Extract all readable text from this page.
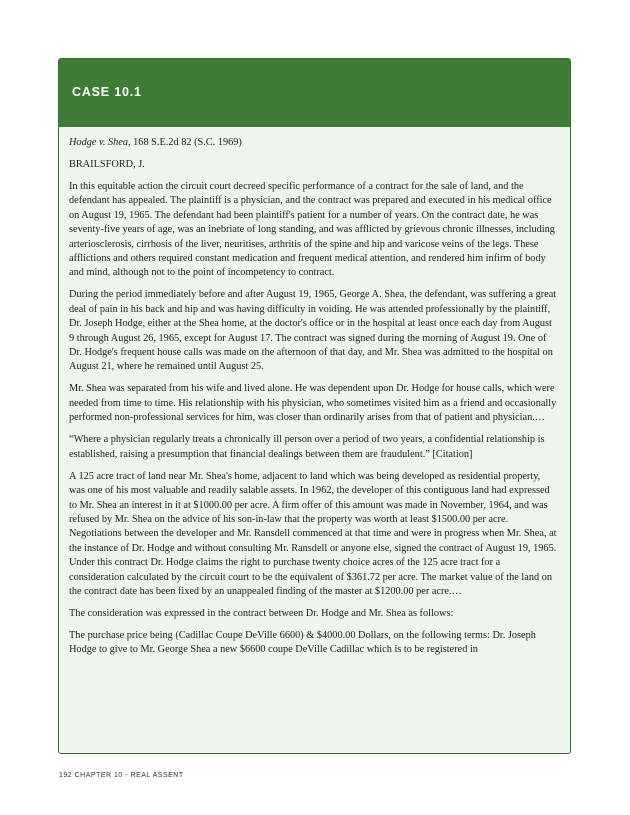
CASE 10.1

Hodge v. Shea, 168 S.E.2d 82 (S.C. 1969)

BRAILSFORD, J.

In this equitable action the circuit court decreed specific performance of a contract for the sale of land, and the defendant has appealed. The plaintiff is a physician, and the contract was prepared and executed in his medical office on August 19, 1965. The defendant had been plaintiff's patient for a number of years. On the contract date, he was seventy-five years of age, was an inebriate of long standing, and was afflicted by grievous chronic illnesses, including arteriosclerosis, cirrhosis of the liver, neuritises, arthritis of the spine and hip and varicose veins of the legs. These afflictions and others required constant medication and frequent medical attention, and rendered him infirm of body and mind, although not to the point of incompetency to contract.

During the period immediately before and after August 19, 1965, George A. Shea, the defendant, was suffering a great deal of pain in his back and hip and was having difficulty in voiding. He was attended professionally by the plaintiff, Dr. Joseph Hodge, either at the Shea home, at the doctor's office or in the hospital at least once each day from August 9 through August 26, 1965, except for August 17. The contract was signed during the morning of August 19. One of Dr. Hodge's frequent house calls was made on the afternoon of that day, and Mr. Shea was admitted to the hospital on August 21, where he remained until August 25.

Mr. Shea was separated from his wife and lived alone. He was dependent upon Dr. Hodge for house calls, which were needed from time to time. His relationship with his physician, who sometimes visited him as a friend and occasionally performed non-professional services for him, was closer than ordinarily arises from that of patient and physician.…

“Where a physician regularly treats a chronically ill person over a period of two years, a confidential relationship is established, raising a presumption that financial dealings between them are fraudulent.” [Citation]

A 125 acre tract of land near Mr. Shea's home, adjacent to land which was being developed as residential property, was one of his most valuable and readily salable assets. In 1962, the developer of this contiguous land had expressed to Mr. Shea an interest in it at $1000.00 per acre. A firm offer of this amount was made in November, 1964, and was refused by Mr. Shea on the advice of his son-in-law that the property was worth at least $1500.00 per acre. Negotiations between the developer and Mr. Ransdell commenced at that time and were in progress when Mr. Shea, at the instance of Dr. Hodge and without consulting Mr. Ransdell or anyone else, signed the contract of August 19, 1965. Under this contract Dr. Hodge claims the right to purchase twenty choice acres of the 125 acre tract for a consideration calculated by the circuit court to be the equivalent of $361.72 per acre. The market value of the land on the contract date has been fixed by an unappealed finding of the master at $1200.00 per acre.…

The consideration was expressed in the contract between Dr. Hodge and Mr. Shea as follows:

The purchase price being (Cadillac Coupe DeVille 6600) & $4000.00 Dollars, on the following terms: Dr. Joseph Hodge to give to Mr. George Shea a new $6600 coupe DeVille Cadillac which is to be registered in

192 CHAPTER 10 - REAL ASSENT
